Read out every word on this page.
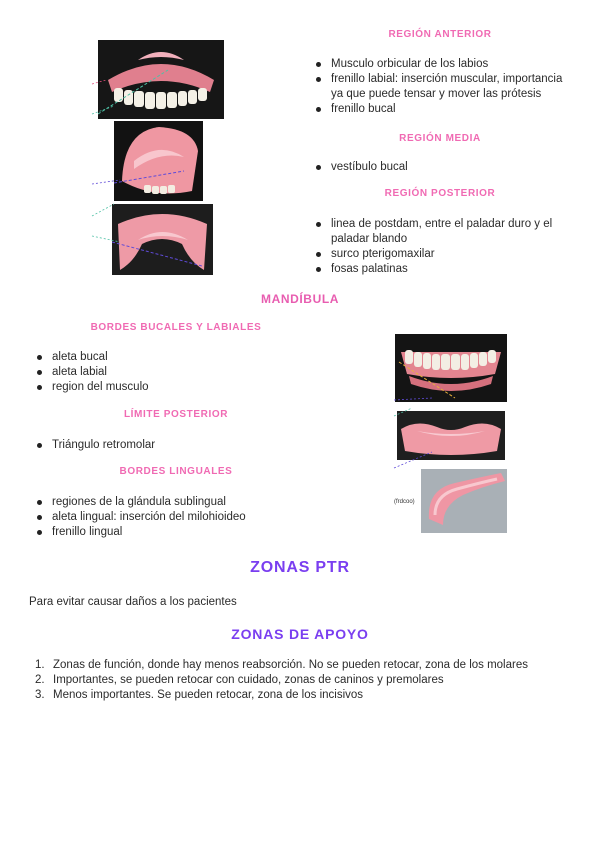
REGIÓN ANTERIOR
Musculo orbicular de los labios
frenillo labial: inserción muscular, importancia ya que puede tensar y mover las prótesis
frenillo bucal
REGIÓN MEDIA
vestíbulo bucal
REGIÓN POSTERIOR
linea de postdam, entre el paladar duro y el paladar blando
surco pterigomaxilar
fosas palatinas
MANDÍBULA
BORDES BUCALES Y LABIALES
aleta bucal
aleta labial
region del musculo
LÍMITE POSTERIOR
Triángulo retromolar
BORDES LINGUALES
regiones de la glándula sublingual
aleta lingual: inserción del milohioideo
frenillo lingual
(frdcoo)
ZONAS PTR

Para evitar causar daños a los pacientes

ZONAS DE APOYO
1. Zonas de función, donde hay menos reabsorción. No se pueden retocar, zona de los molares
2. Importantes, se pueden retocar con cuidado, zonas de caninos y premolares
3. Menos importantes. Se pueden retocar, zona de los incisivos
